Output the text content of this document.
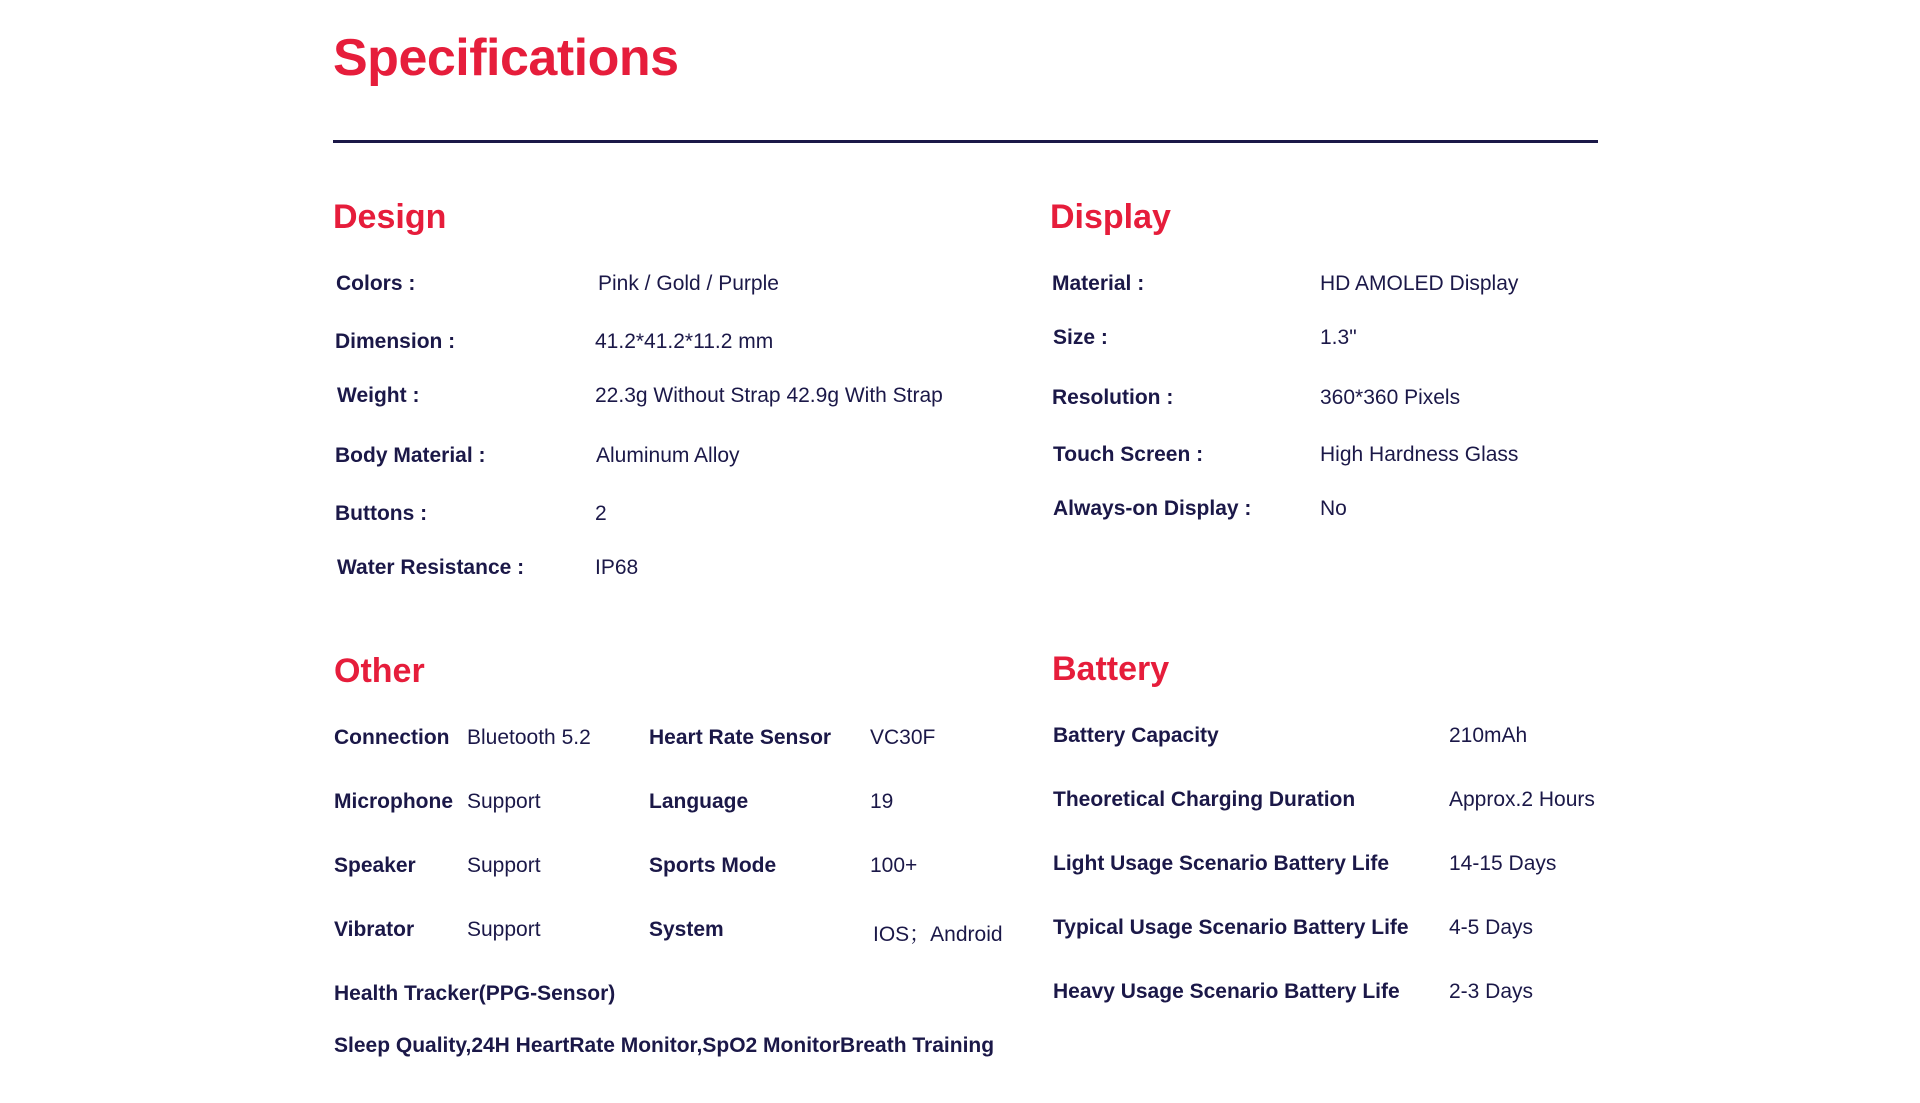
Specifications
Design
Colors :	Pink / Gold / Purple
Dimension :	41.2*41.2*11.2 mm
Weight :	22.3g Without Strap 42.9g With Strap
Body Material :	Aluminum Alloy
Buttons :	2
Water Resistance :	IP68
Display
Material :	HD AMOLED Display
Size :	1.3"
Resolution :	360*360 Pixels
Touch Screen :	High Hardness Glass
Always-on Display :	No
Other
Connection Bluetooth 5.2	Heart Rate Sensor VC30F
Microphone Support	Language	19
Speaker Support	Sports Mode	100+
Vibrator	Support	System	IOS；Android
Health Tracker(PPG-Sensor)
Sleep Quality,24H HeartRate Monitor,SpO2 MonitorBreath Training
Battery
Battery Capacity	210mAh
Theoretical Charging Duration	Approx.2 Hours
Light Usage Scenario Battery Life	14-15 Days
Typical Usage Scenario Battery Life 4-5 Days
Heavy Usage Scenario Battery Life 2-3 Days
